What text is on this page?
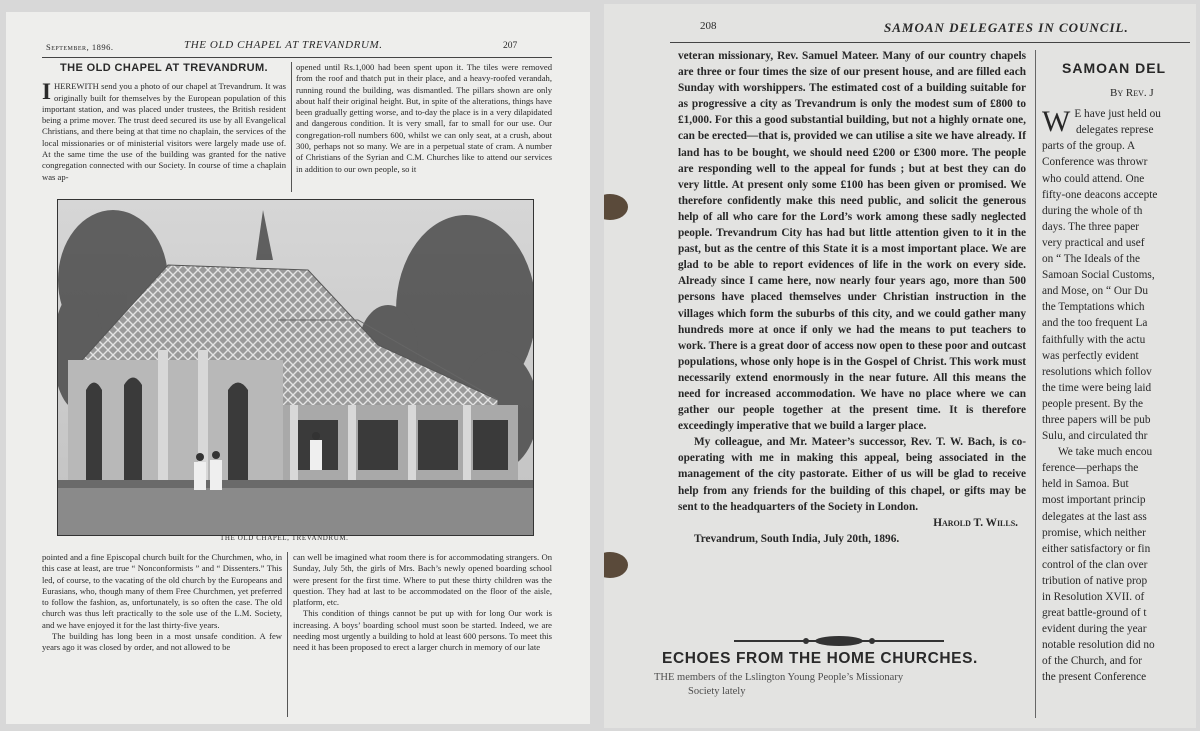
September, 1896.	THE OLD CHAPEL AT TREVANDRUM.	207
THE OLD CHAPEL AT TREVANDRUM.

IHEREWITH send you a photo of our chapel at Trevandrum. It was originally built for themselves by the European population of this important station, and was placed under trustees, the British resident being a prime mover. The trust deed secured its use by all Evangelical Christians, and there being at that time no chaplain, the services of the local missionaries or of ministerial visitors were largely made use of. At the same time the use of the building was granted for the native congregation connected with our Society. In course of time a chaplain was ap-

opened until Rs.1,000 had been spent upon it. The tiles were removed from the roof and thatch put in their place, and a heavy-roofed verandah, running round the building, was dismantled. The pillars shown are only about half their original height. But, in spite of the alterations, things have been gradually getting worse, and to-day the place is in a very dilapidated and dangerous condition. It is very small, far to small for our use. Our congregation-roll numbers 600, whilst we can only seat, at a crush, about 300, perhaps not so many. We are in a perpetual state of cram. A number of Christians of the Syrian and C.M. Churches like to attend our services in addition to our own people, so it

THE OLD CHAPEL, TREVANDRUM.

pointed and a fine Episcopal church built for the Churchmen, who, in this case at least, are true “ Nonconformists ” and “ Dissenters.” This led, of course, to the vacating of the old church by the Europeans and Eurasians, who, though many of them Free Churchmen, yet preferred to follow the fashion, as, unfortunately, is so often the case. The old church was thus left practically to the sole use of the L.M. Society, and we have enjoyed it for the last thirty-five years.

The building has long been in a most unsafe condition. A few years ago it was closed by order, and not allowed to be

can well be imagined what room there is for accommodating strangers. On Sunday, July 5th, the girls of Mrs. Bach’s newly opened boarding school were present for the first time. Where to put these thirty children was the question. They had at last to be accommodated on the floor of the aisle, platform, etc.

This condition of things cannot be put up with for long Our work is increasing. A boys’ boarding school must soon be started. Indeed, we are needing most urgently a building to hold at least 600 persons. To meet this need it has been proposed to erect a larger church in memory of our late

208	SAMOAN DELEGATES IN COUNCIL.

veteran missionary, Rev. Samuel Mateer. Many of our country chapels are three or four times the size of our present house, and are filled each Sunday with worshippers. The estimated cost of a building suitable for as progressive a city as Trevandrum is only the modest sum of £800 to £1,000. For this a good substantial building, but not a highly ornate one, can be erected—that is, provided we can utilise a site we have already. If land has to be bought, we should need £200 or £300 more. The people are responding well to the appeal for funds ; but at best they can do very little. At present only some £100 has been given or promised. We therefore confidently make this need public, and solicit the generous help of all who care for the Lord’s work among these sadly neglected people. Trevandrum City has had but little attention given to it in the past, but as the centre of this State it is a most important place. We are glad to be able to report evidences of life in the work on every side. Already since I came here, now nearly four years ago, more than 500 persons have placed themselves under Christian instruction in the villages which form the suburbs of this city, and we could gather many hundreds more at once if only we had the means to put teachers to work. There is a great door of access now open to these poor and outcast populations, whose only hope is in the Gospel of Christ. This work must necessarily extend enormously in the near future. All this means the need for increased accommodation. We have no place where we can gather our people together at the present time. It is therefore exceedingly imperative that we build a larger place.

My colleague, and Mr. Mateer’s successor, Rev. T. W. Bach, is co-operating with me in making this appeal, being associated in the management of the city pastorate. Either of us will be glad to receive help from any friends for the building of this chapel, or gifts may be sent to the headquarters of the Society in London.

Harold T. Wills.

Trevandrum, South India, July 20th, 1896.

ECHOES FROM THE HOME CHURCHES.
THE members of the Lslington Young People’s Missionary
Society lately
SAMOAN DEL
By Rev. J
W E have just held ou
delegates represe
parts of the group. A
Conference was throwr
who could attend. One
fifty-one deacons accepte
during the whole of th
days. The three paper
very practical and usef
on “ The Ideals of the
Samoan Social Customs,
and Mose, on “ Our Du
the Temptations which
and the too frequent La
faithfully with the actu
was perfectly evident
resolutions which follov
the time were being laid
people present. By the
three papers will be pub
Sulu, and circulated thr
We take much encou
ference—perhaps the
held in Samoa. But
most important princip
delegates at the last ass
promise, which neither
either satisfactory or fin
control of the clan over
tribution of native prop
in Resolution XVII. of
great battle-ground of t
evident during the year
notable resolution did no
of the Church, and for
the present Conference
